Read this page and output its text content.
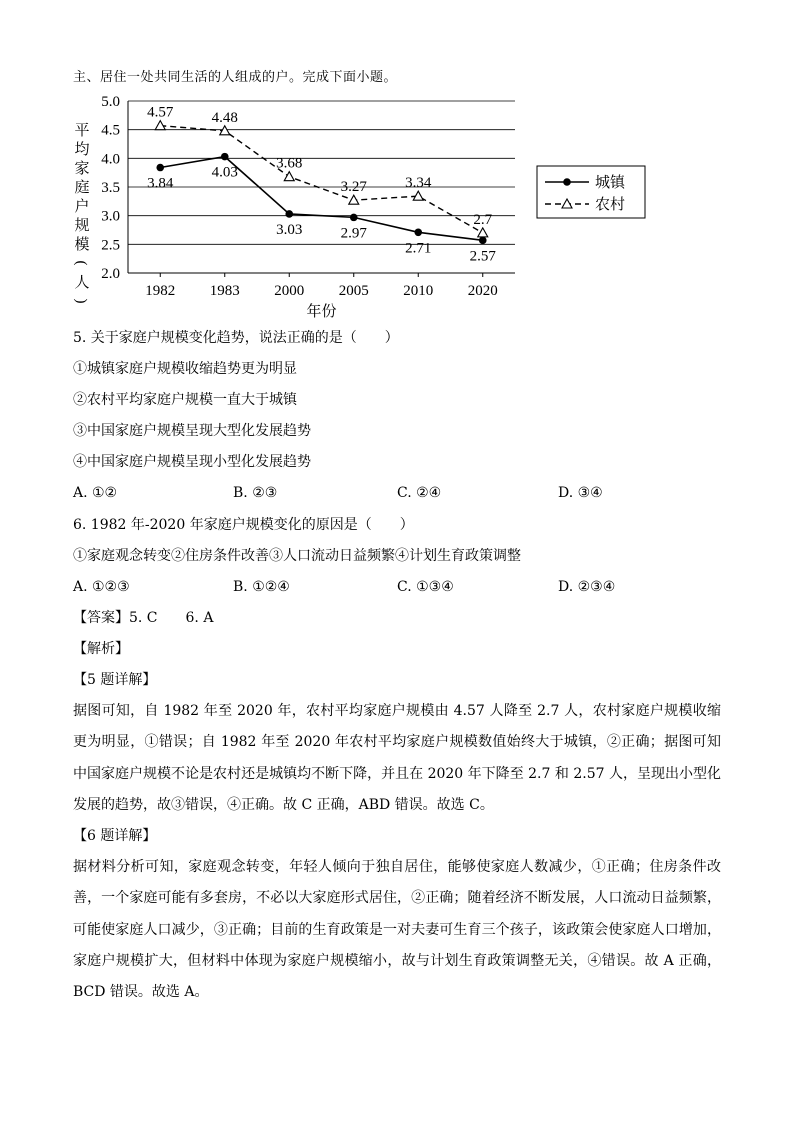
主、居住一处共同生活的人组成的户。完成下面小题。
5.0
4.5
4.0
3.5
3.0
2.5
2.0
1982 1983 2000 2005 2010 2020
年份
平
均
家
庭
户
规
模
(
人
)
4.57	4.48
3.68
3.27	3.34
2.7
3.84
4.03
3.03	2.97
2.71
2.57
城镇
农村
5. 关于家庭户规模变化趋势，说法正确的是（　　）
①城镇家庭户规模收缩趋势更为明显
②农村平均家庭户规模一直大于城镇
③中国家庭户规模呈现大型化发展趋势
④中国家庭户规模呈现小型化发展趋势
A. ①②	B. ②③	C. ②④	D. ③④
6. 1982 年-2020 年家庭户规模变化的原因是（　　）
①家庭观念转变②住房条件改善③人口流动日益频繁④计划生育政策调整
A. ①②③	B. ①②④	C. ①③④	D. ②③④
【答案】5. C　　6. A
【解析】
【5 题详解】
据图可知，自 1982 年至 2020 年，农村平均家庭户规模由 4.57 人降至 2.7 人，农村家庭户规模收缩更为明显，①错误；自 1982 年至 2020 年农村平均家庭户规模数值始终大于城镇，②正确；据图可知中国家庭户规模不论是农村还是城镇均不断下降，并且在 2020 年下降至 2.7 和 2.57 人，呈现出小型化发展的趋势，故③错误，④正确。故 C 正确，ABD 错误。故选 C。
【6 题详解】
据材料分析可知，家庭观念转变，年轻人倾向于独自居住，能够使家庭人数减少，①正确；住房条件改善，一个家庭可能有多套房，不必以大家庭形式居住，②正确；随着经济不断发展，人口流动日益频繁，可能使家庭人口减少，③正确；目前的生育政策是一对夫妻可生育三个孩子，该政策会使家庭人口增加，家庭户规模扩大，但材料中体现为家庭户规模缩小，故与计划生育政策调整无关，④错误。故 A 正确，BCD 错误。故选 A。
